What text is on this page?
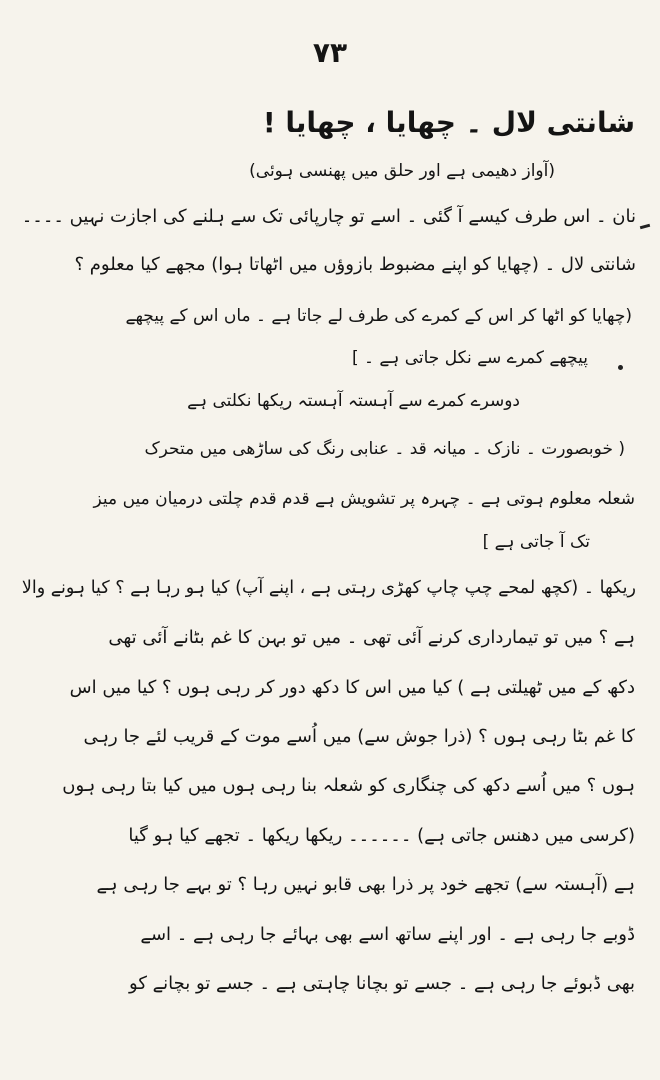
۷۳
شانتی لال ۔ چھایا ، چھایا !
(آواز دھیمی ہے اور حلق میں پھنسی ہوئی)
نان ۔ اس طرف کیسے آ گئی ۔ اسے تو چارپائی تک سے ہلنے کی اجازت نہیں ۔۔۔۔
شانتی لال ۔ (چھایا کو اپنے مضبوط بازوؤں میں اٹھاتا ہوا) مجھے کیا معلوم ؟
(چھایا کو اٹھا کر اس کے کمرے کی طرف لے جاتا ہے ۔ ماں اس کے پیچھے
پیچھے کمرے سے نکل جاتی ہے ۔ ]
دوسرے کمرے سے آہستہ آہستہ ریکھا نکلتی ہے
( خوبصورت ۔ نازک ۔ میانہ قد ۔ عنابی رنگ کی ساڑھی میں متحرک
شعلہ معلوم ہوتی ہے ۔ چہرہ پر تشویش ہے قدم قدم چلتی درمیان میں میز
تک آ جاتی ہے ]
ریکھا ۔ (کچھ لمحے چپ چاپ کھڑی رہتی ہے ، اپنے آپ) کیا ہو رہا ہے ؟ کیا ہونے والا
ہے ؟ میں تو تیمارداری کرنے آئی تھی ۔ میں تو بہن کا غم بٹانے آئی تھی
دکھ کے میں ٹھیلتی ہے ) کیا میں اس کا دکھ دور کر رہی ہوں ؟ کیا میں اس
کا غم بٹا رہی ہوں ؟ (ذرا جوش سے) میں اُسے موت کے قریب لئے جا رہی
ہوں ؟ میں اُسے دکھ کی چنگاری کو شعلہ بنا رہی ہوں میں کیا بتا رہی ہوں
(کرسی میں دھنس جاتی ہے) ۔۔۔۔۔۔ ریکھا ریکھا ۔ تجھے کیا ہو گیا
ہے (آہستہ سے) تجھے خود پر ذرا بھی قابو نہیں رہا ؟ تو بہے جا رہی ہے
ڈوبے جا رہی ہے ۔ اور اپنے ساتھ اسے بھی بہائے جا رہی ہے ۔ اسے
بھی ڈبوئے جا رہی ہے ۔ جسے تو بچانا چاہتی ہے ۔ جسے تو بچانے کو
